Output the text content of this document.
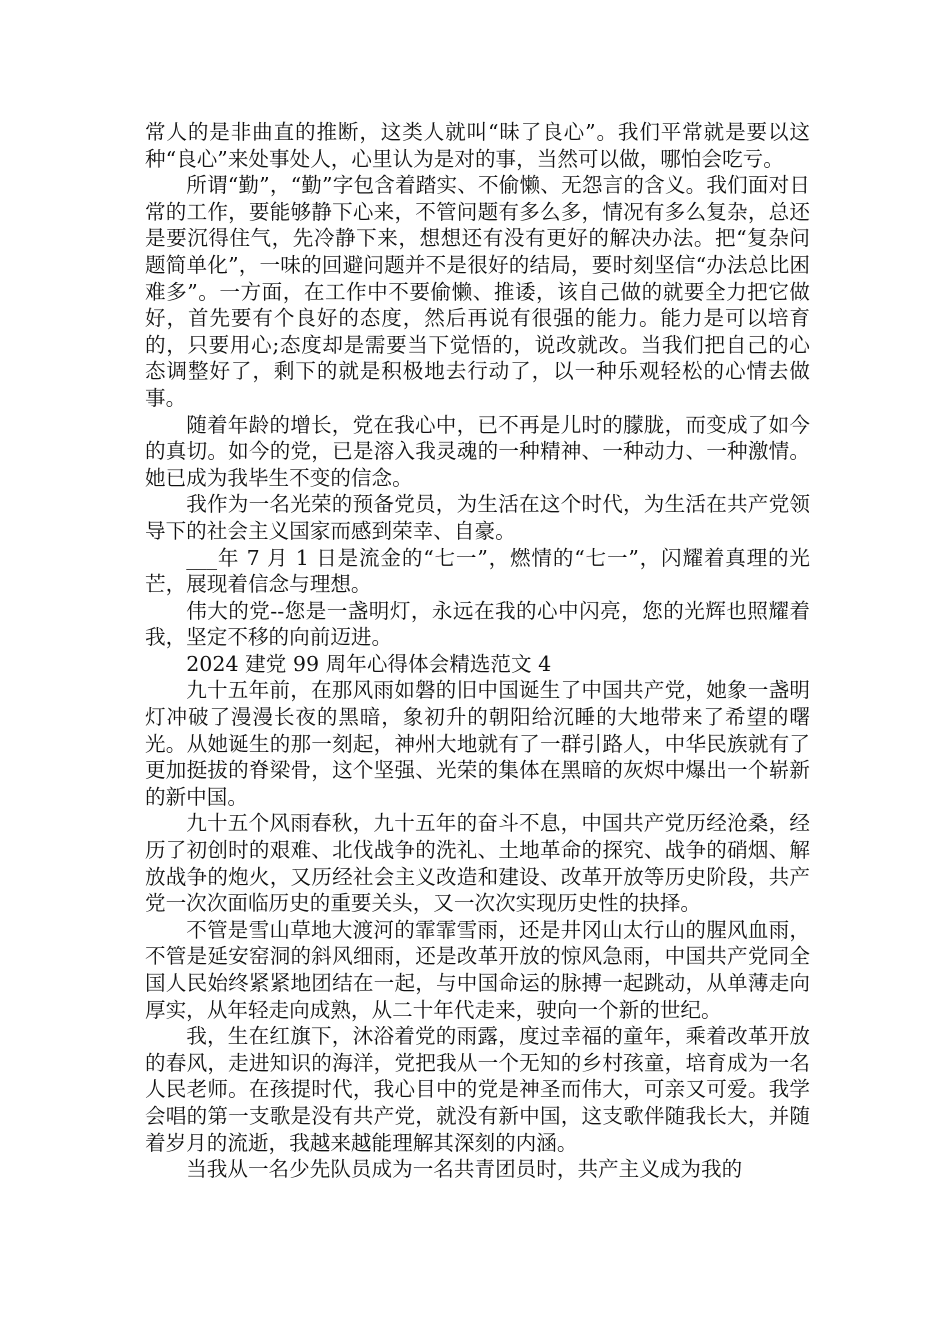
常人的是非曲直的推断，这类人就叫“昧了良心”。我们平常就是要以这种“良心”来处事处人，心里认为是对的事，当然可以做，哪怕会吃亏。

所谓“勤”，“勤”字包含着踏实、不偷懒、无怨言的含义。我们面对日常的工作，要能够静下心来，不管问题有多么多，情况有多么复杂，总还是要沉得住气，先冷静下来，想想还有没有更好的解决办法。把“复杂问题简单化”，一味的回避问题并不是很好的结局，要时刻坚信“办法总比困难多”。一方面，在工作中不要偷懒、推诿，该自己做的就要全力把它做好，首先要有个良好的态度，然后再说有很强的能力。能力是可以培育的，只要用心;态度却是需要当下觉悟的，说改就改。当我们把自己的心态调整好了，剩下的就是积极地去行动了，以一种乐观轻松的心情去做事。

随着年龄的增长，党在我心中，已不再是儿时的朦胧，而变成了如今的真切。如今的党，已是溶入我灵魂的一种精神、一种动力、一种激情。她已成为我毕生不变的信念。

我作为一名光荣的预备党员，为生活在这个时代，为生活在共产党领导下的社会主义国家而感到荣幸、自豪。

___年 7 月 1 日是流金的“七一”，燃情的“七一”，闪耀着真理的光芒，展现着信念与理想。

伟大的党--您是一盏明灯，永远在我的心中闪亮，您的光辉也照耀着我，坚定不移的向前迈进。

2024 建党 99 周年心得体会精选范文 4

九十五年前，在那风雨如磐的旧中国诞生了中国共产党，她象一盏明灯冲破了漫漫长夜的黑暗，象初升的朝阳给沉睡的大地带来了希望的曙光。从她诞生的那一刻起，神州大地就有了一群引路人，中华民族就有了更加挺拔的脊梁骨，这个坚强、光荣的集体在黑暗的灰烬中爆出一个崭新的新中国。

九十五个风雨春秋，九十五年的奋斗不息，中国共产党历经沧桑，经历了初创时的艰难、北伐战争的洗礼、土地革命的探究、战争的硝烟、解放战争的炮火，又历经社会主义改造和建设、改革开放等历史阶段，共产党一次次面临历史的重要关头，又一次次实现历史性的抉择。

不管是雪山草地大渡河的霏霏雪雨，还是井冈山太行山的腥风血雨，不管是延安窑洞的斜风细雨，还是改革开放的惊风急雨，中国共产党同全国人民始终紧紧地团结在一起，与中国命运的脉搏一起跳动，从单薄走向厚实，从年轻走向成熟，从二十年代走来，驶向一个新的世纪。

我，生在红旗下，沐浴着党的雨露，度过幸福的童年，乘着改革开放的春风，走进知识的海洋，党把我从一个无知的乡村孩童，培育成为一名人民老师。在孩提时代，我心目中的党是神圣而伟大，可亲又可爱。我学会唱的第一支歌是没有共产党，就没有新中国，这支歌伴随我长大，并随着岁月的流逝，我越来越能理解其深刻的内涵。

当我从一名少先队员成为一名共青团员时，共产主义成为我的
